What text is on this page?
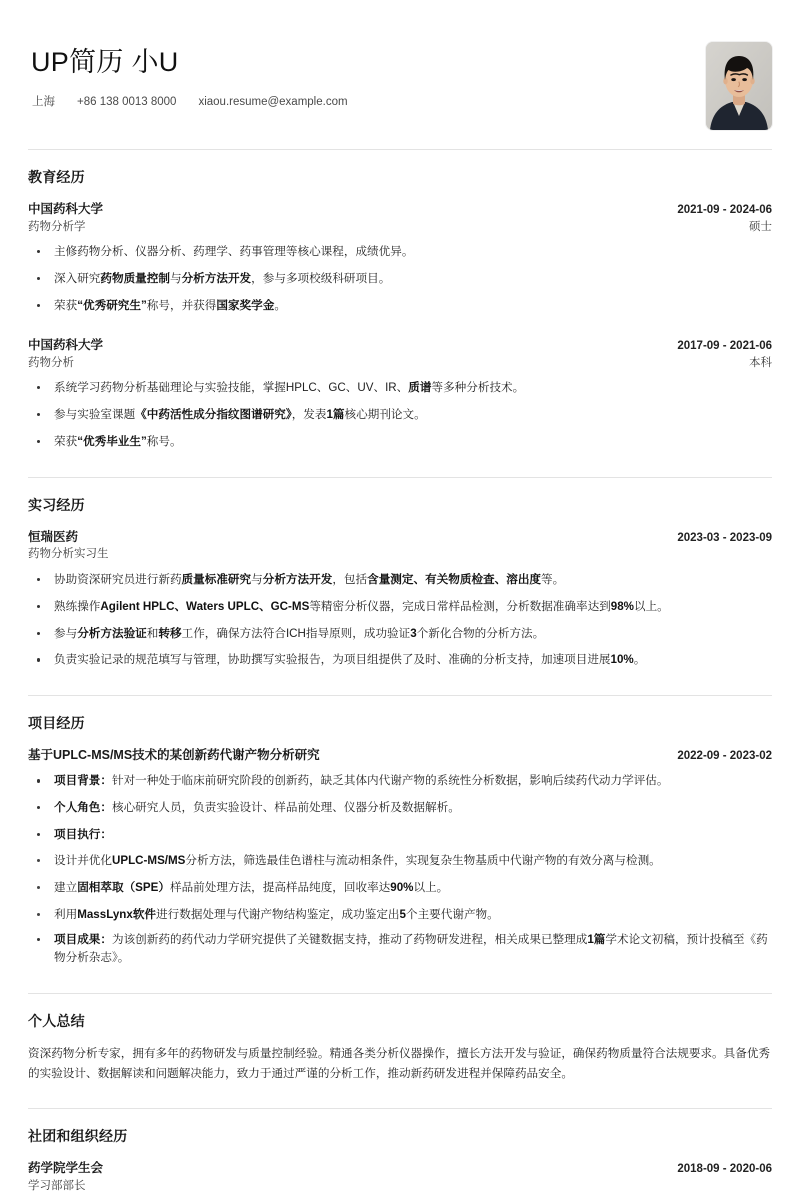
UP简历 小U
上海 +86 138 0013 8000 xiaou.resume@example.com
教育经历
中国药科大学	2021-09 - 2024-06
药物分析学	硕士
主修药物分析、仪器分析、药理学、药事管理等核心课程，成绩优异。
深入研究药物质量控制与分析方法开发，参与多项校级科研项目。
荣获“优秀研究生”称号，并获得国家奖学金。
中国药科大学	2017-09 - 2021-06
药物分析	本科
系统学习药物分析基础理论与实验技能，掌握HPLC、GC、UV、IR、质谱等多种分析技术。
参与实验室课题《中药活性成分指纹图谱研究》，发表1篇核心期刊论文。
荣获“优秀毕业生”称号。
实习经历
恒瑞医药	2023-03 - 2023-09
药物分析实习生
协助资深研究员进行新药质量标准研究与分析方法开发，包括含量测定、有关物质检查、溶出度等。
熟练操作Agilent HPLC、Waters UPLC、GC-MS等精密分析仪器，完成日常样品检测，分析数据准确率达到98%以上。
参与分析方法验证和转移工作，确保方法符合ICH指导原则，成功验证3个新化合物的分析方法。
负责实验记录的规范填写与管理，协助撰写实验报告，为项目组提供了及时、准确的分析支持，加速项目进展10%。
项目经历
基于UPLC-MS/MS技术的某创新药代谢产物分析研究	2022-09 - 2023-02
项目背景：针对一种处于临床前研究阶段的创新药，缺乏其体内代谢产物的系统性分析数据，影响后续药代动力学评估。
个人角色：核心研究人员，负责实验设计、样品前处理、仪器分析及数据解析。
项目执行：
设计并优化UPLC-MS/MS分析方法，筛选最佳色谱柱与流动相条件，实现复杂生物基质中代谢产物的有效分离与检测。
建立固相萃取（SPE）样品前处理方法，提高样品纯度，回收率达90%以上。
利用MassLynx软件进行数据处理与代谢产物结构鉴定，成功鉴定出5个主要代谢产物。
项目成果：为该创新药的药代动力学研究提供了关键数据支持，推动了药物研发进程，相关成果已整理成1篇学术论文初稿，预计投稿至《药物分析杂志》。
个人总结

资深药物分析专家，拥有多年的药物研发与质量控制经验。精通各类分析仪器操作，擅长方法开发与验证，确保药物质量符合法规要求。具备优秀的实验设计、数据解读和问题解决能力，致力于通过严谨的分析工作，推动新药研发进程并保障药品安全。

社团和组织经历
药学院学生会	2018-09 - 2020-06
学习部部长
